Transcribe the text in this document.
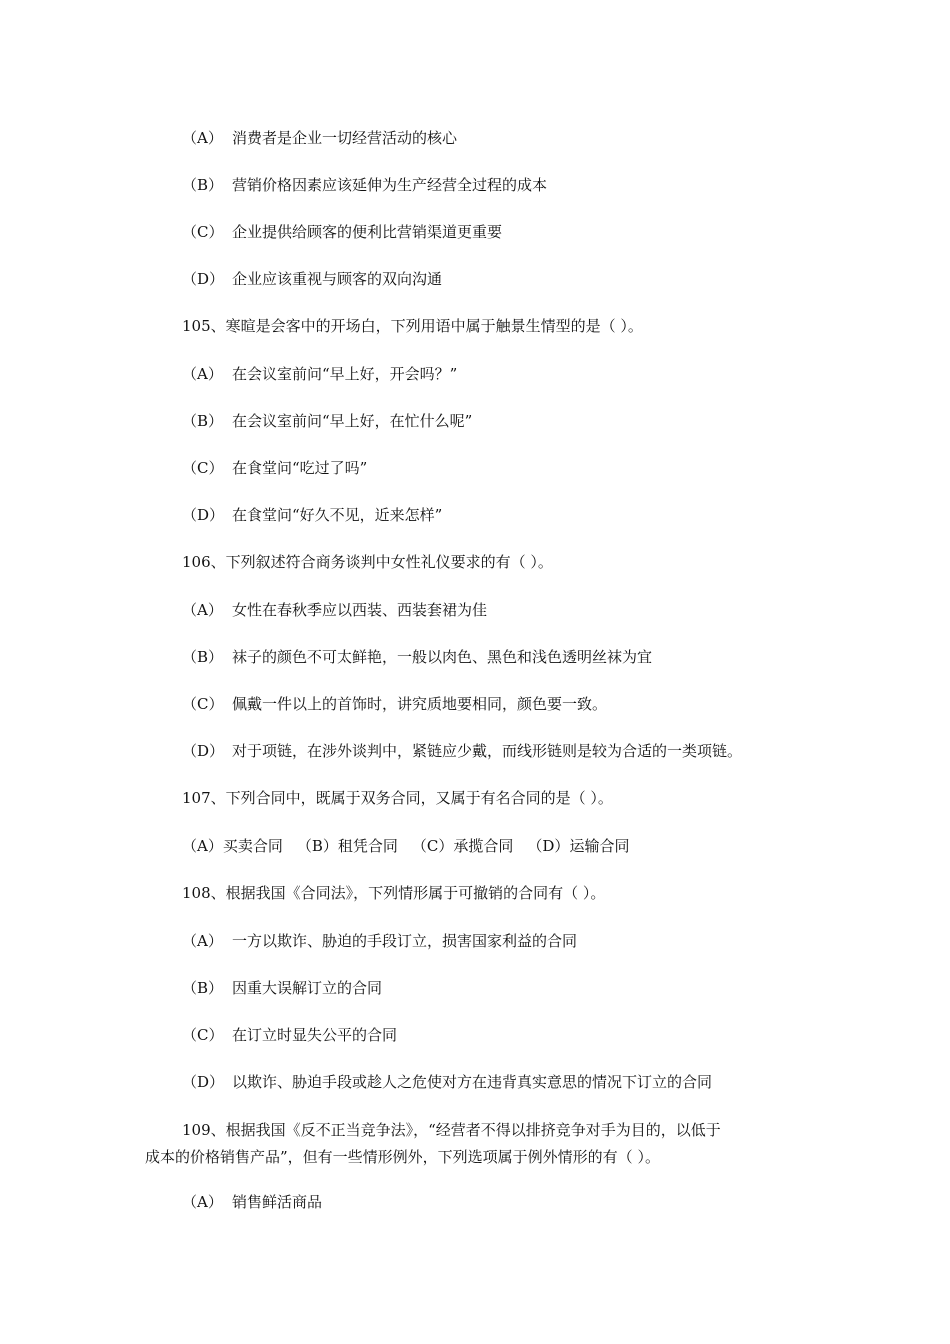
（A） 消费者是企业一切经营活动的核心
（B） 营销价格因素应该延伸为生产经营全过程的成本
（C） 企业提供给顾客的便利比营销渠道更重要
（D） 企业应该重视与顾客的双向沟通
105、寒暄是会客中的开场白，下列用语中属于触景生情型的是（ ）。
（A） 在会议室前问“早上好，开会吗？”
（B） 在会议室前问“早上好，在忙什么呢”
（C） 在食堂问“吃过了吗”
（D） 在食堂问“好久不见，近来怎样”
106、下列叙述符合商务谈判中女性礼仪要求的有（ ）。
（A） 女性在春秋季应以西装、西装套裙为佳
（B） 袜子的颜色不可太鲜艳，一般以肉色、黑色和浅色透明丝袜为宜
（C） 佩戴一件以上的首饰时，讲究质地要相同，颜色要一致。
（D） 对于项链，在涉外谈判中，紧链应少戴，而线形链则是较为合适的一类项链。
107、下列合同中，既属于双务合同，又属于有名合同的是（ ）。
（A）买卖合同 （B）租凭合同 （C）承揽合同 （D）运输合同
108、根据我国《合同法》，下列情形属于可撤销的合同有（ ）。
（A） 一方以欺诈、胁迫的手段订立，损害国家利益的合同
（B） 因重大误解订立的合同
（C） 在订立时显失公平的合同
（D） 以欺诈、胁迫手段或趁人之危使对方在违背真实意思的情况下订立的合同
109、根据我国《反不正当竞争法》，“经营者不得以排挤竞争对手为目的，以低于
成本的价格销售产品”，但有一些情形例外，下列选项属于例外情形的有（ ）。
（A） 销售鲜活商品
